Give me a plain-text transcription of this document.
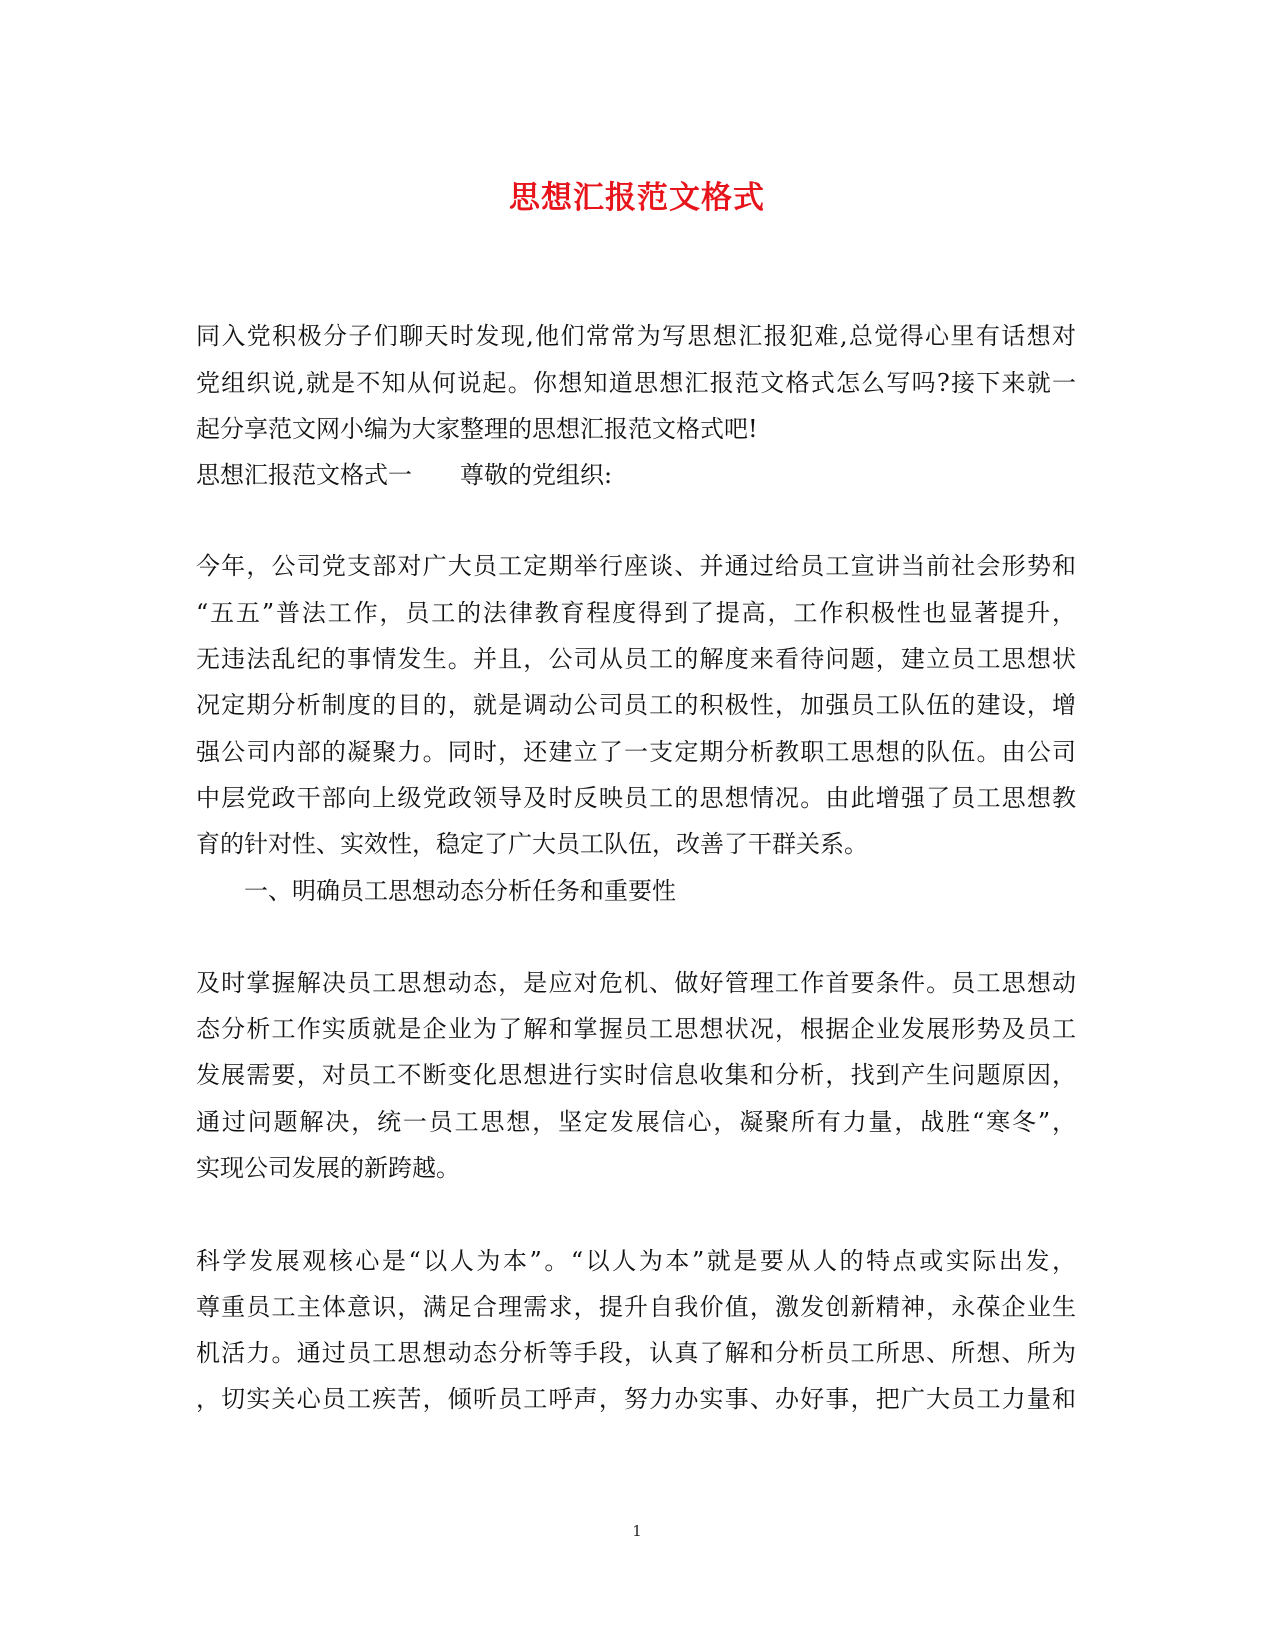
思想汇报范文格式
同入党积极分子们聊天时发现,他们常常为写思想汇报犯难,总觉得心里有话想对
党组织说,就是不知从何说起。你想知道思想汇报范文格式怎么写吗?接下来就一
起分享范文网小编为大家整理的思想汇报范文格式吧!
思想汇报范文格式一　　尊敬的党组织:
今年，公司党支部对广大员工定期举行座谈、并通过给员工宣讲当前社会形势和
“五五”普法工作，员工的法律教育程度得到了提高，工作积极性也显著提升，
无违法乱纪的事情发生。并且，公司从员工的解度来看待问题，建立员工思想状
况定期分析制度的目的，就是调动公司员工的积极性，加强员工队伍的建设，增
强公司内部的凝聚力。同时，还建立了一支定期分析教职工思想的队伍。由公司
中层党政干部向上级党政领导及时反映员工的思想情况。由此增强了员工思想教
育的针对性、实效性，稳定了广大员工队伍，改善了干群关系。
　　一、明确员工思想动态分析任务和重要性
及时掌握解决员工思想动态，是应对危机、做好管理工作首要条件。员工思想动
态分析工作实质就是企业为了解和掌握员工思想状况，根据企业发展形势及员工
发展需要，对员工不断变化思想进行实时信息收集和分析，找到产生问题原因，
通过问题解决，统一员工思想，坚定发展信心，凝聚所有力量，战胜“寒冬”，
实现公司发展的新跨越。
科学发展观核心是“以人为本”。“以人为本”就是要从人的特点或实际出发，
尊重员工主体意识，满足合理需求，提升自我价值，激发创新精神，永葆企业生
机活力。通过员工思想动态分析等手段，认真了解和分析员工所思、所想、所为
，切实关心员工疾苦，倾听员工呼声，努力办实事、办好事，把广大员工力量和
1
